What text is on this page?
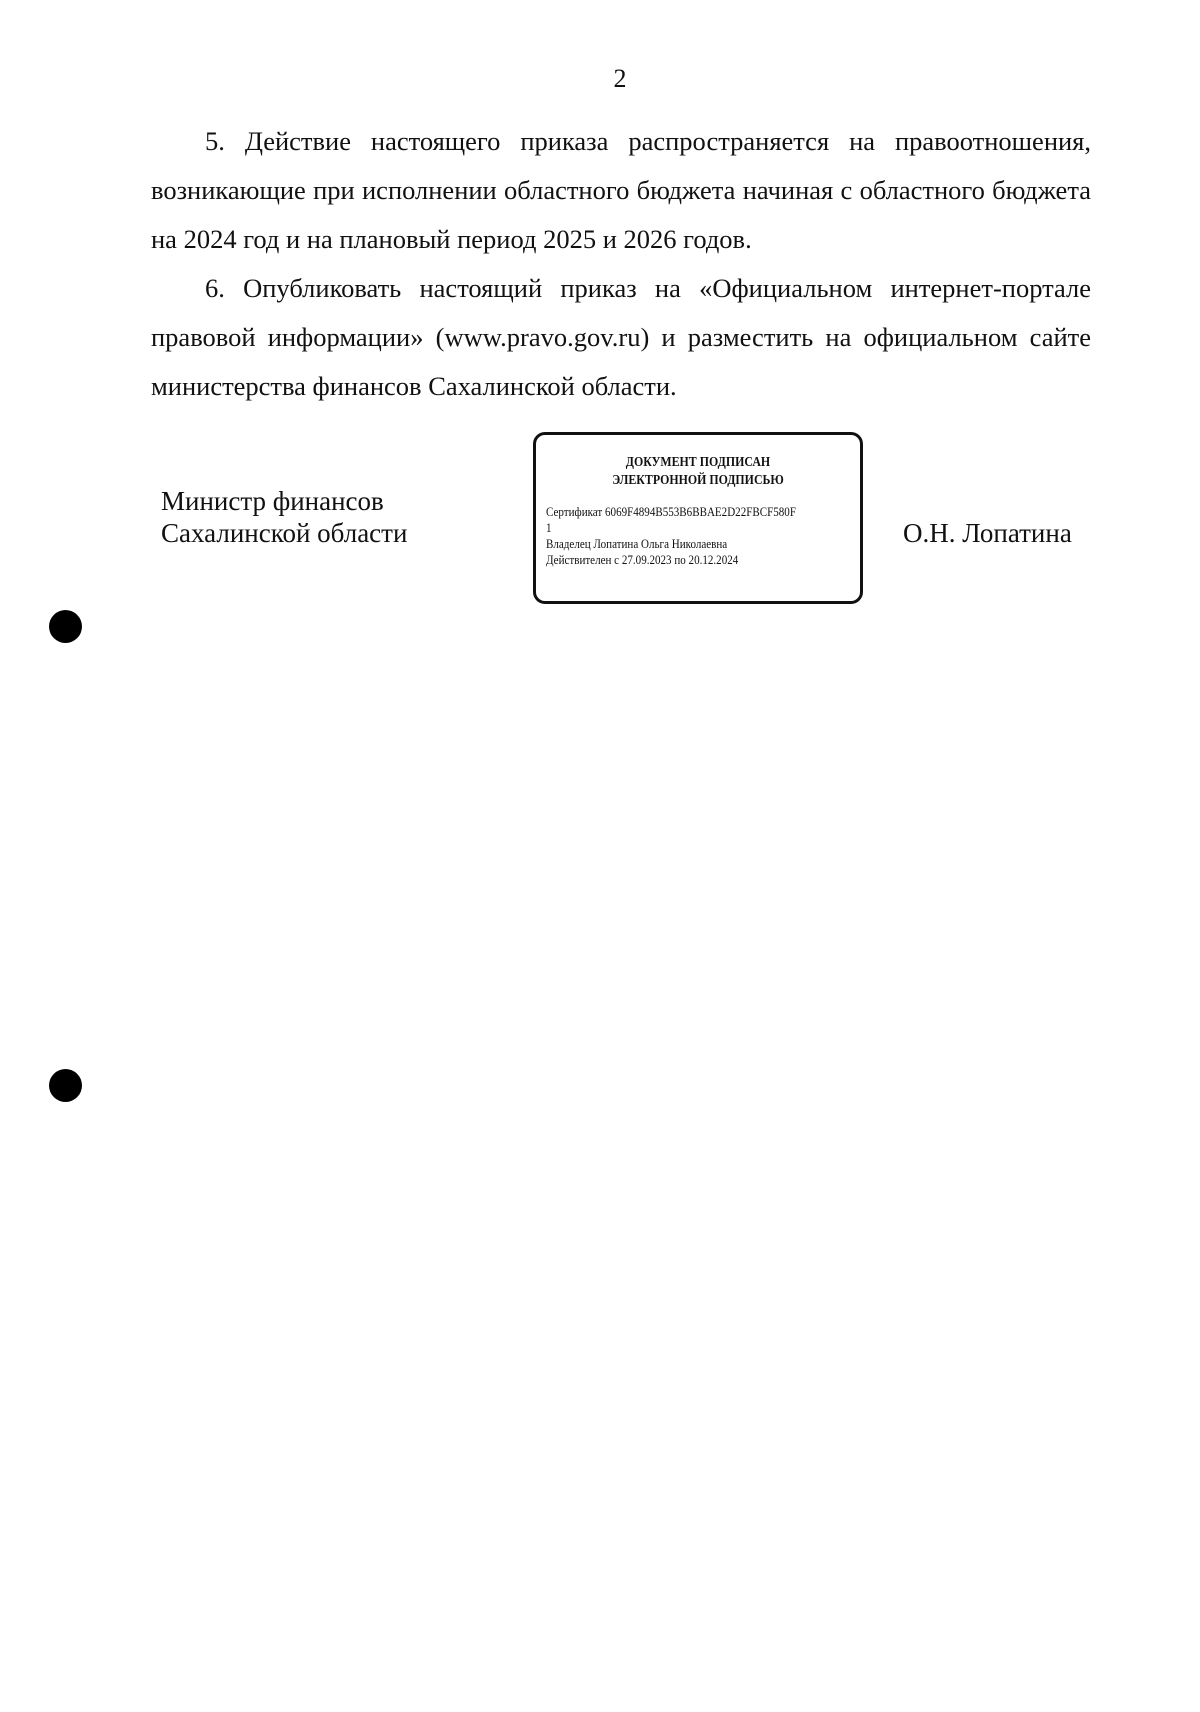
2
5. Действие настоящего приказа распространяется на правоотношения, возникающие при исполнении областного бюджета начиная с областного бюджета на 2024 год и на плановый период 2025 и 2026 годов.
6. Опубликовать настоящий приказ на «Официальном интернет-портале правовой информации» (www.pravo.gov.ru) и разместить на официальном сайте министерства финансов Сахалинской области.
Министр финансов
Сахалинской области
ДОКУМЕНТ ПОДПИСАН
ЭЛЕКТРОННОЙ ПОДПИСЬЮ
Сертификат 6069F4894B553B6BBAE2D22FBCF580F
1
Владелец Лопатина Ольга Николаевна
Действителен с 27.09.2023 по 20.12.2024
О.Н. Лопатина
